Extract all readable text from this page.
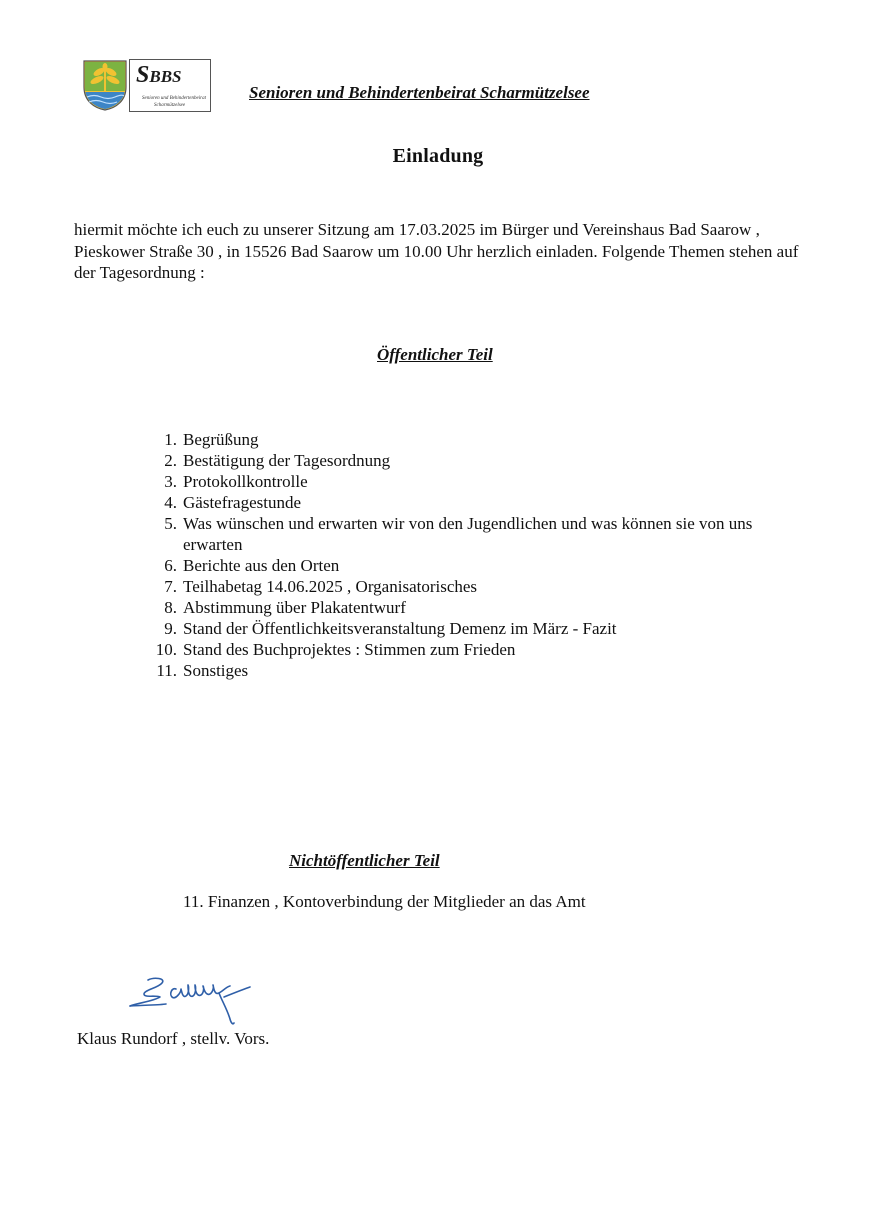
SBBS
Senioren und Behindertenbeirat
Scharmützelsee
Senioren und Behindertenbeirat Scharmützelsee
Einladung
hiermit möchte ich euch zu unserer Sitzung am 17.03.2025 im Bürger und Vereinshaus Bad Saarow , Pieskower Straße 30 , in 15526 Bad Saarow um 10.00 Uhr herzlich einladen. Folgende Themen stehen auf der Tagesordnung :
Öffentlicher Teil
1. Begrüßung
2. Bestätigung der Tagesordnung
3. Protokollkontrolle
4. Gästefragestunde
5. Was wünschen und erwarten wir von den Jugendlichen und was können sie von uns erwarten
6. Berichte aus den Orten
7. Teilhabetag 14.06.2025 , Organisatorisches
8. Abstimmung über Plakatentwurf
9. Stand der Öffentlichkeitsveranstaltung Demenz im März - Fazit
10. Stand des Buchprojektes : Stimmen zum Frieden
11. Sonstiges
Nichtöffentlicher Teil
11. Finanzen , Kontoverbindung der Mitglieder an das Amt
Klaus Rundorf , stellv. Vors.
